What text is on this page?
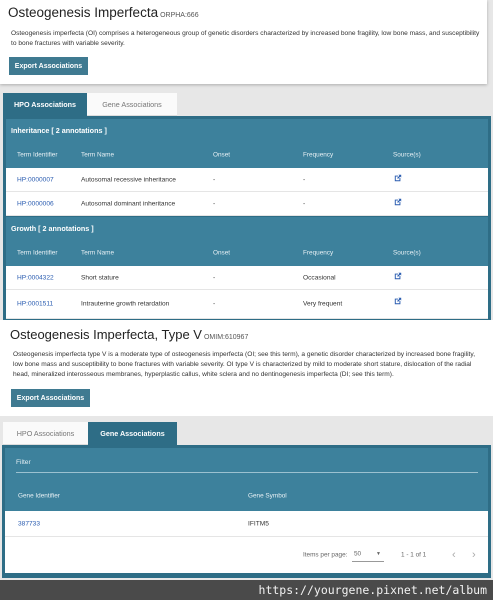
Osteogenesis Imperfecta ORPHA:666
Osteogenesis imperfecta (OI) comprises a heterogeneous group of genetic disorders characterized by increased bone fragility, low bone mass, and susceptibility to bone fractures with variable severity.
Export Associations
HPO Associations	Gene Associations
Inheritance [ 2 annotations ]
Term Identifier	Term Name	Onset	Frequency	Source(s)
HP:0000007	Autosomal recessive inheritance	-	-
HP:0000006	Autosomal dominant inheritance	-	-
Growth [ 2 annotations ]
Term Identifier	Term Name	Onset	Frequency	Source(s)
HP:0004322	Short stature	-	Occasional
HP:0001511	Intrauterine growth retardation	-	Very frequent
Osteogenesis Imperfecta, Type V OMIM:610967
Osteogenesis imperfecta type V is a moderate type of osteogenesis imperfecta (OI; see this term), a genetic disorder characterized by increased bone fragility, low bone mass and susceptibility to bone fractures with variable severity. OI type V is characterized by mild to moderate short stature, dislocation of the radial head, mineralized interosseous membranes, hyperplastic callus, white sclera and no dentinogenesis imperfecta (DI; see this term).
Export Associations
HPO Associations	Gene Associations
Filter
Gene Identifier	Gene Symbol
387733	IFITM5
Items per page: 50	▼	1 - 1 of 1 ‹ ›
https://yourgene.pixnet.net/album
